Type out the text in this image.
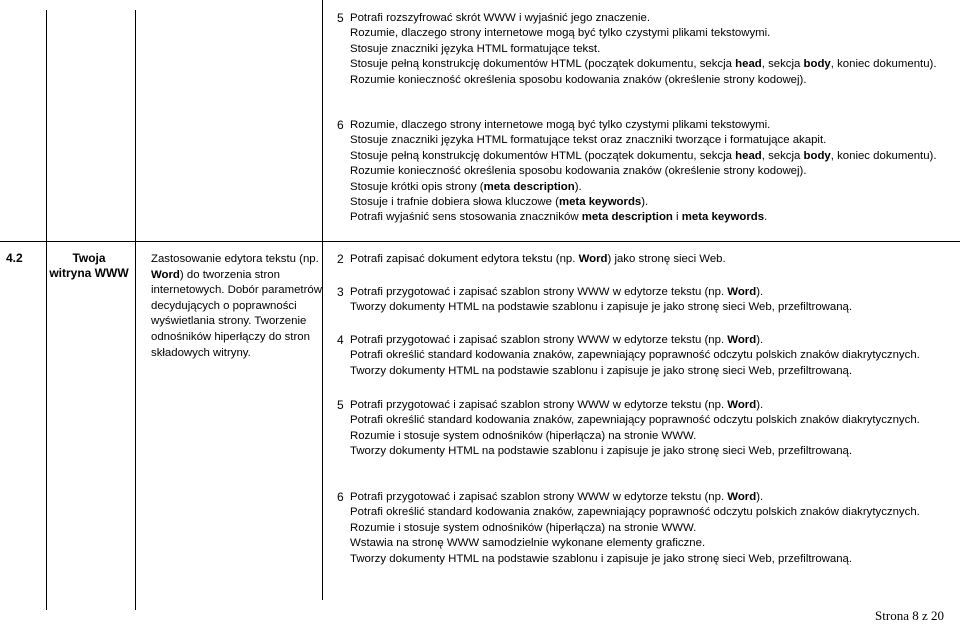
5 Potrafi rozszyfrować skrót WWW i wyjaśnić jego znaczenie.
Rozumie, dlaczego strony internetowe mogą być tylko czystymi plikami tekstowymi.
Stosuje znaczniki języka HTML formatujące tekst.
Stosuje pełną konstrukcję dokumentów HTML (początek dokumentu, sekcja head, sekcja body, koniec dokumentu).
Rozumie konieczność określenia sposobu kodowania znaków (określenie strony kodowej).
6 Rozumie, dlaczego strony internetowe mogą być tylko czystymi plikami tekstowymi.
Stosuje znaczniki języka HTML formatujące tekst oraz znaczniki tworzące i formatujące akapit.
Stosuje pełną konstrukcję dokumentów HTML (początek dokumentu, sekcja head, sekcja body, koniec dokumentu).
Rozumie konieczność określenia sposobu kodowania znaków (określenie strony kodowej).
Stosuje krótki opis strony (meta description).
Stosuje i trafnie dobiera słowa kluczowe (meta keywords).
Potrafi wyjaśnić sens stosowania znaczników meta description i meta keywords.
4.2	Twoja
witryna WWW
Zastosowanie edytora tekstu (np.
Word) do tworzenia stron
internetowych. Dobór parametrów
decydujących o poprawności
wyświetlania strony. Tworzenie
odnośników hiperłączy do stron
składowych witryny.
2 Potrafi zapisać dokument edytora tekstu (np. Word) jako stronę sieci Web.
3 Potrafi przygotować i zapisać szablon strony WWW w edytorze tekstu (np. Word).
Tworzy dokumenty HTML na podstawie szablonu i zapisuje je jako stronę sieci Web, przefiltrowaną.
4 Potrafi przygotować i zapisać szablon strony WWW w edytorze tekstu (np. Word).
Potrafi określić standard kodowania znaków, zapewniający poprawność odczytu polskich znaków diakrytycznych.
Tworzy dokumenty HTML na podstawie szablonu i zapisuje je jako stronę sieci Web, przefiltrowaną.
5 Potrafi przygotować i zapisać szablon strony WWW w edytorze tekstu (np. Word).
Potrafi określić standard kodowania znaków, zapewniający poprawność odczytu polskich znaków diakrytycznych.
Rozumie i stosuje system odnośników (hiperłącza) na stronie WWW.
Tworzy dokumenty HTML na podstawie szablonu i zapisuje je jako stronę sieci Web, przefiltrowaną.
6 Potrafi przygotować i zapisać szablon strony WWW w edytorze tekstu (np. Word).
Potrafi określić standard kodowania znaków, zapewniający poprawność odczytu polskich znaków diakrytycznych.
Rozumie i stosuje system odnośników (hiperłącza) na stronie WWW.
Wstawia na stronę WWW samodzielnie wykonane elementy graficzne.
Tworzy dokumenty HTML na podstawie szablonu i zapisuje je jako stronę sieci Web, przefiltrowaną.
Strona 8 z 20
